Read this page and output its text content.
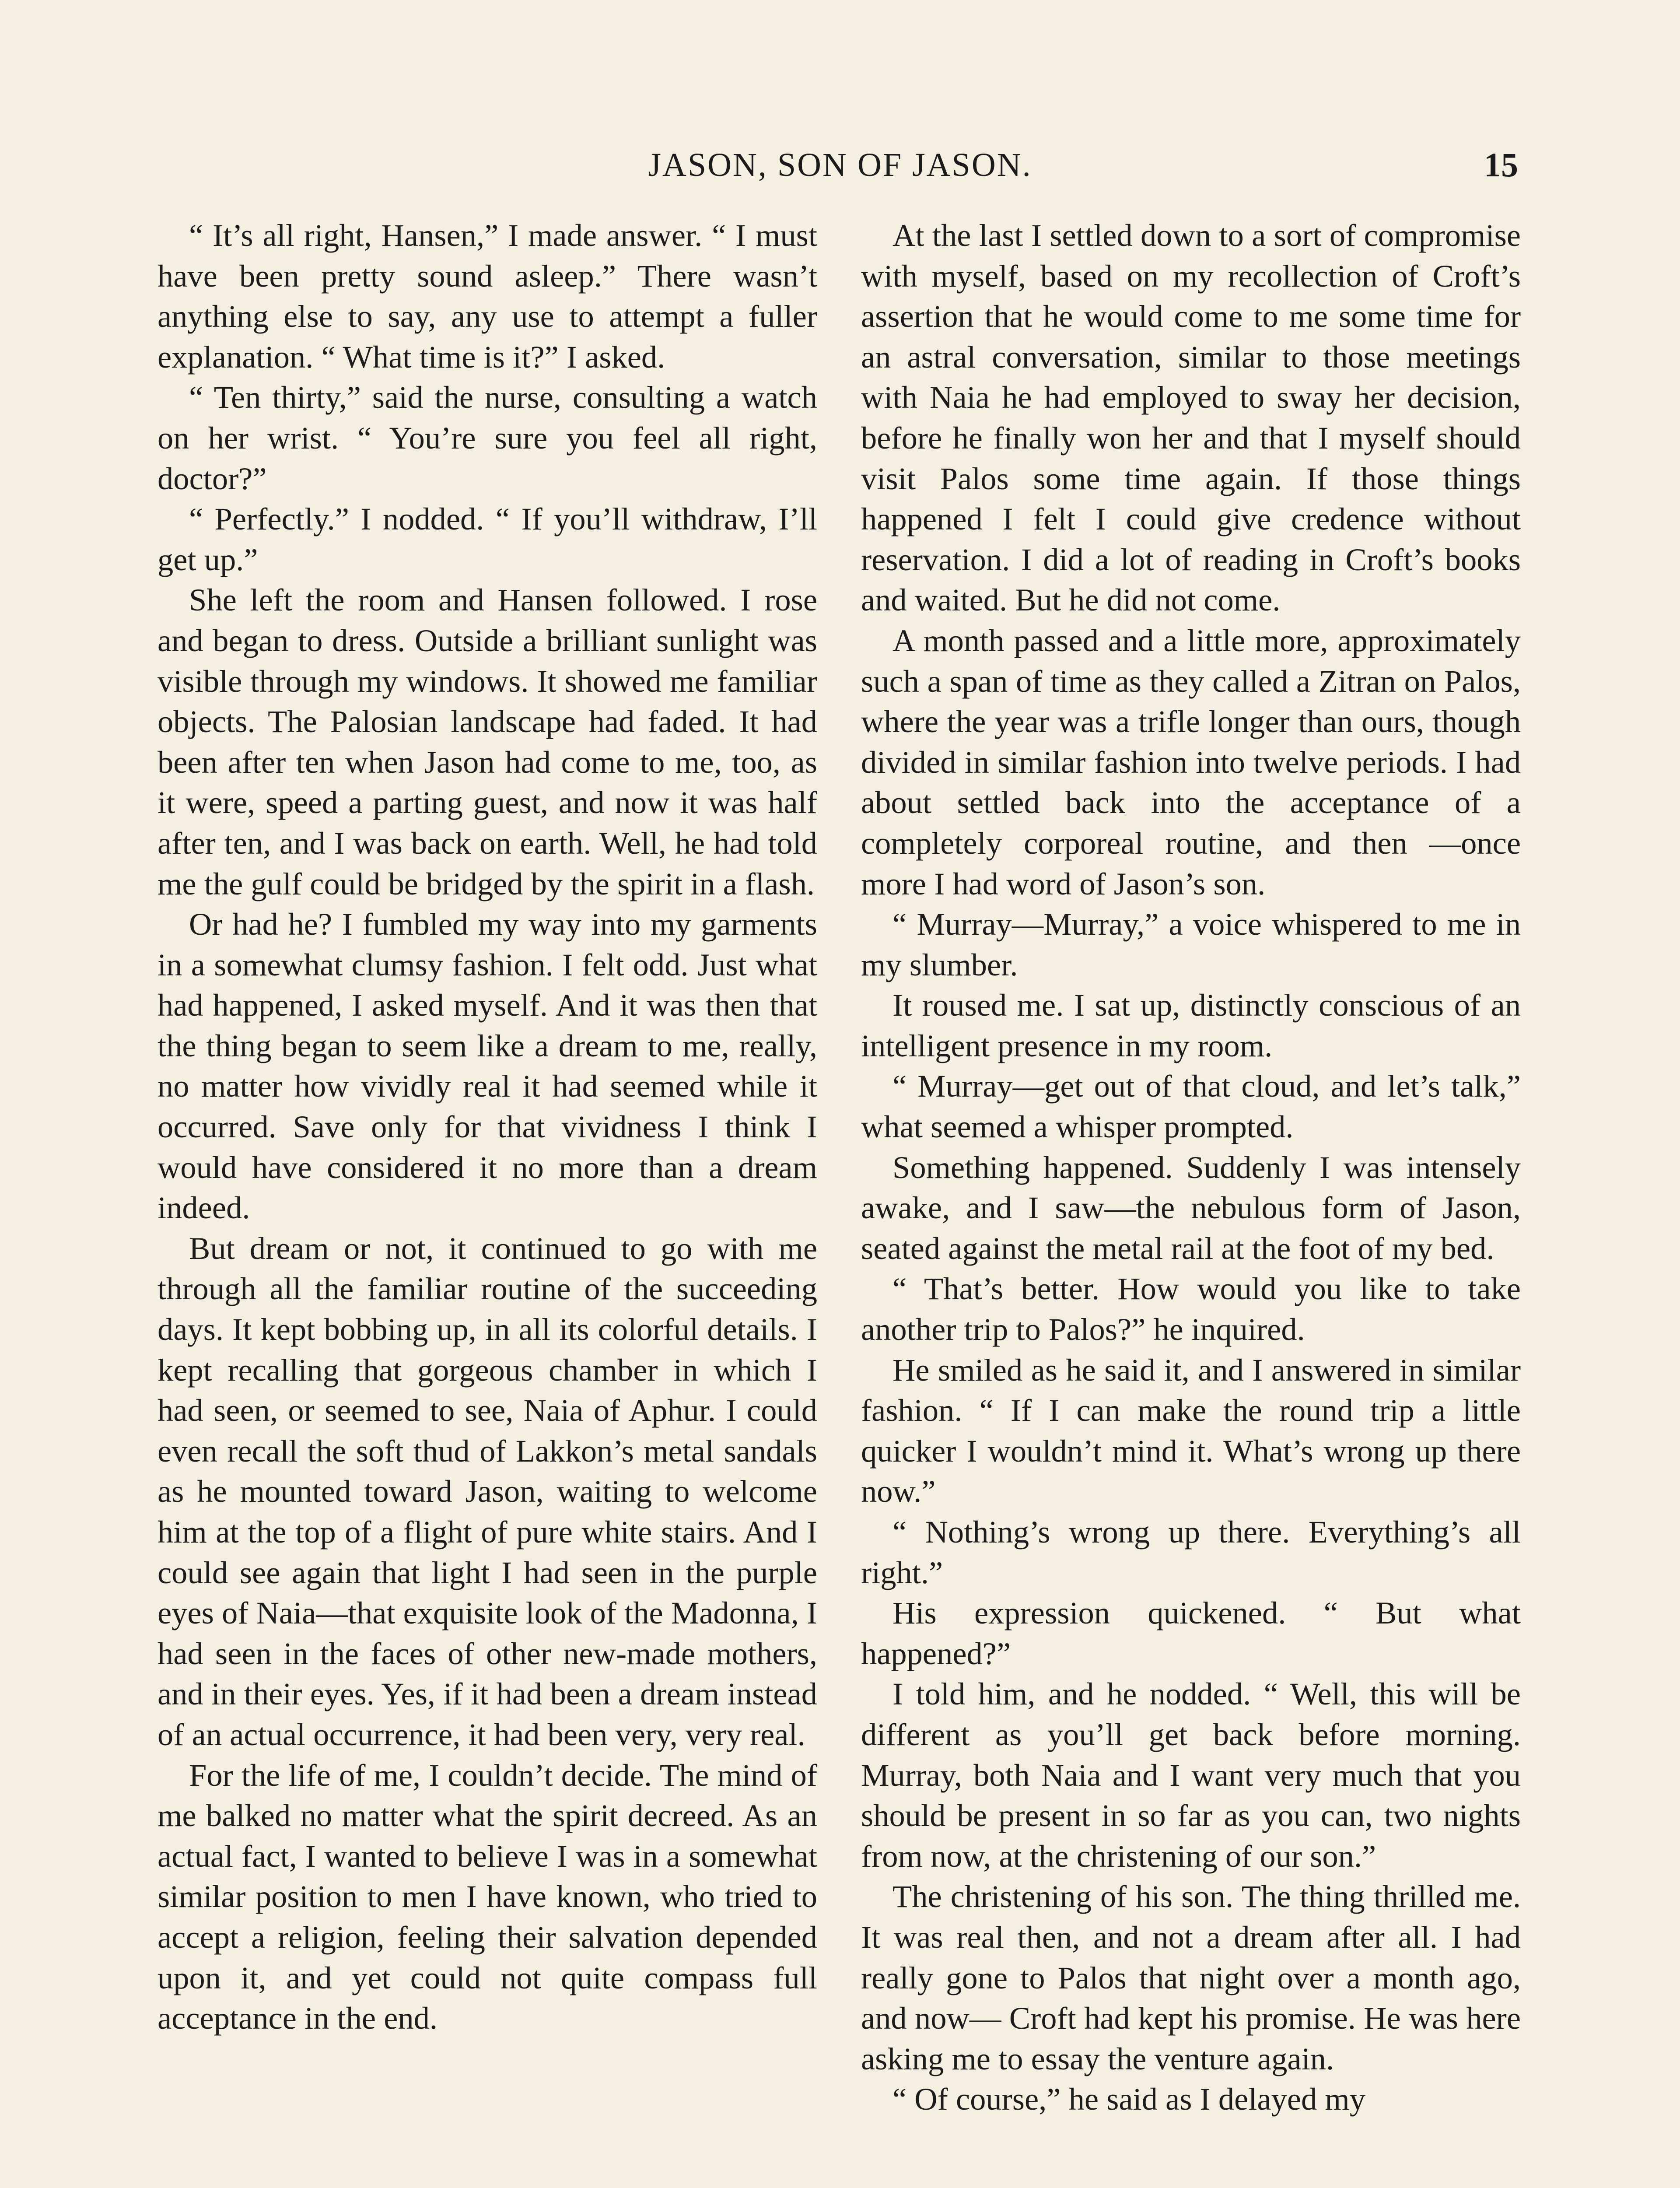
JASON, SON OF JASON.	15

“ It’s all right, Hansen,” I made answer. “ I must have been pretty sound asleep.” There wasn’t anything else to say, any use to attempt a fuller explanation. “ What time is it?” I asked.

“ Ten thirty,” said the nurse, consulting a watch on her wrist. “ You’re sure you feel all right, doctor?”

“ Perfectly.” I nodded. “ If you’ll withdraw, I’ll get up.”

She left the room and Hansen followed. I rose and began to dress. Outside a brilliant sunlight was visible through my windows. It showed me familiar objects. The Palosian landscape had faded. It had been after ten when Jason had come to me, too, as it were, speed a parting guest, and now it was half after ten, and I was back on earth. Well, he had told me the gulf could be bridged by the spirit in a flash.

Or had he? I fumbled my way into my garments in a somewhat clumsy fashion. I felt odd. Just what had happened, I asked myself. And it was then that the thing began to seem like a dream to me, really, no matter how vividly real it had seemed while it occurred. Save only for that vividness I think I would have considered it no more than a dream indeed.

But dream or not, it continued to go with me through all the familiar routine of the succeeding days. It kept bobbing up, in all its colorful details. I kept recalling that gorgeous chamber in which I had seen, or seemed to see, Naia of Aphur. I could even recall the soft thud of Lakkon’s metal sandals as he mounted toward Jason, waiting to welcome him at the top of a flight of pure white stairs. And I could see again that light I had seen in the purple eyes of Naia—that exquisite look of the Madonna, I had seen in the faces of other new-made mothers, and in their eyes. Yes, if it had been a dream instead of an actual occurrence, it had been very, very real.

For the life of me, I couldn’t decide. The mind of me balked no matter what the spirit decreed. As an actual fact, I wanted to believe I was in a somewhat similar position to men I have known, who tried to accept a religion, feeling their salvation depended upon it, and yet could not quite compass full acceptance in the end.

At the last I settled down to a sort of compromise with myself, based on my recollection of Croft’s assertion that he would come to me some time for an astral conversation, similar to those meetings with Naia he had employed to sway her decision, before he finally won her and that I myself should visit Palos some time again. If those things happened I felt I could give credence without reservation. I did a lot of reading in Croft’s books and waited. But he did not come.

A month passed and a little more, approximately such a span of time as they called a Zitran on Palos, where the year was a trifle longer than ours, though divided in similar fashion into twelve periods. I had about settled back into the acceptance of a completely corporeal routine, and then —once more I had word of Jason’s son.

“ Murray—Murray,” a voice whispered to me in my slumber.

It roused me. I sat up, distinctly conscious of an intelligent presence in my room.

“ Murray—get out of that cloud, and let’s talk,” what seemed a whisper prompted.

Something happened. Suddenly I was intensely awake, and I saw—the nebulous form of Jason, seated against the metal rail at the foot of my bed.

“ That’s better. How would you like to take another trip to Palos?” he inquired.

He smiled as he said it, and I answered in similar fashion. “ If I can make the round trip a little quicker I wouldn’t mind it. What’s wrong up there now.”

“ Nothing’s wrong up there. Everything’s all right.”

His expression quickened. “ But what happened?”

I told him, and he nodded. “ Well, this will be different as you’ll get back before morning. Murray, both Naia and I want very much that you should be present in so far as you can, two nights from now, at the christening of our son.”

The christening of his son. The thing thrilled me. It was real then, and not a dream after all. I had really gone to Palos that night over a month ago, and now— Croft had kept his promise. He was here asking me to essay the venture again.

“ Of course,” he said as I delayed my
